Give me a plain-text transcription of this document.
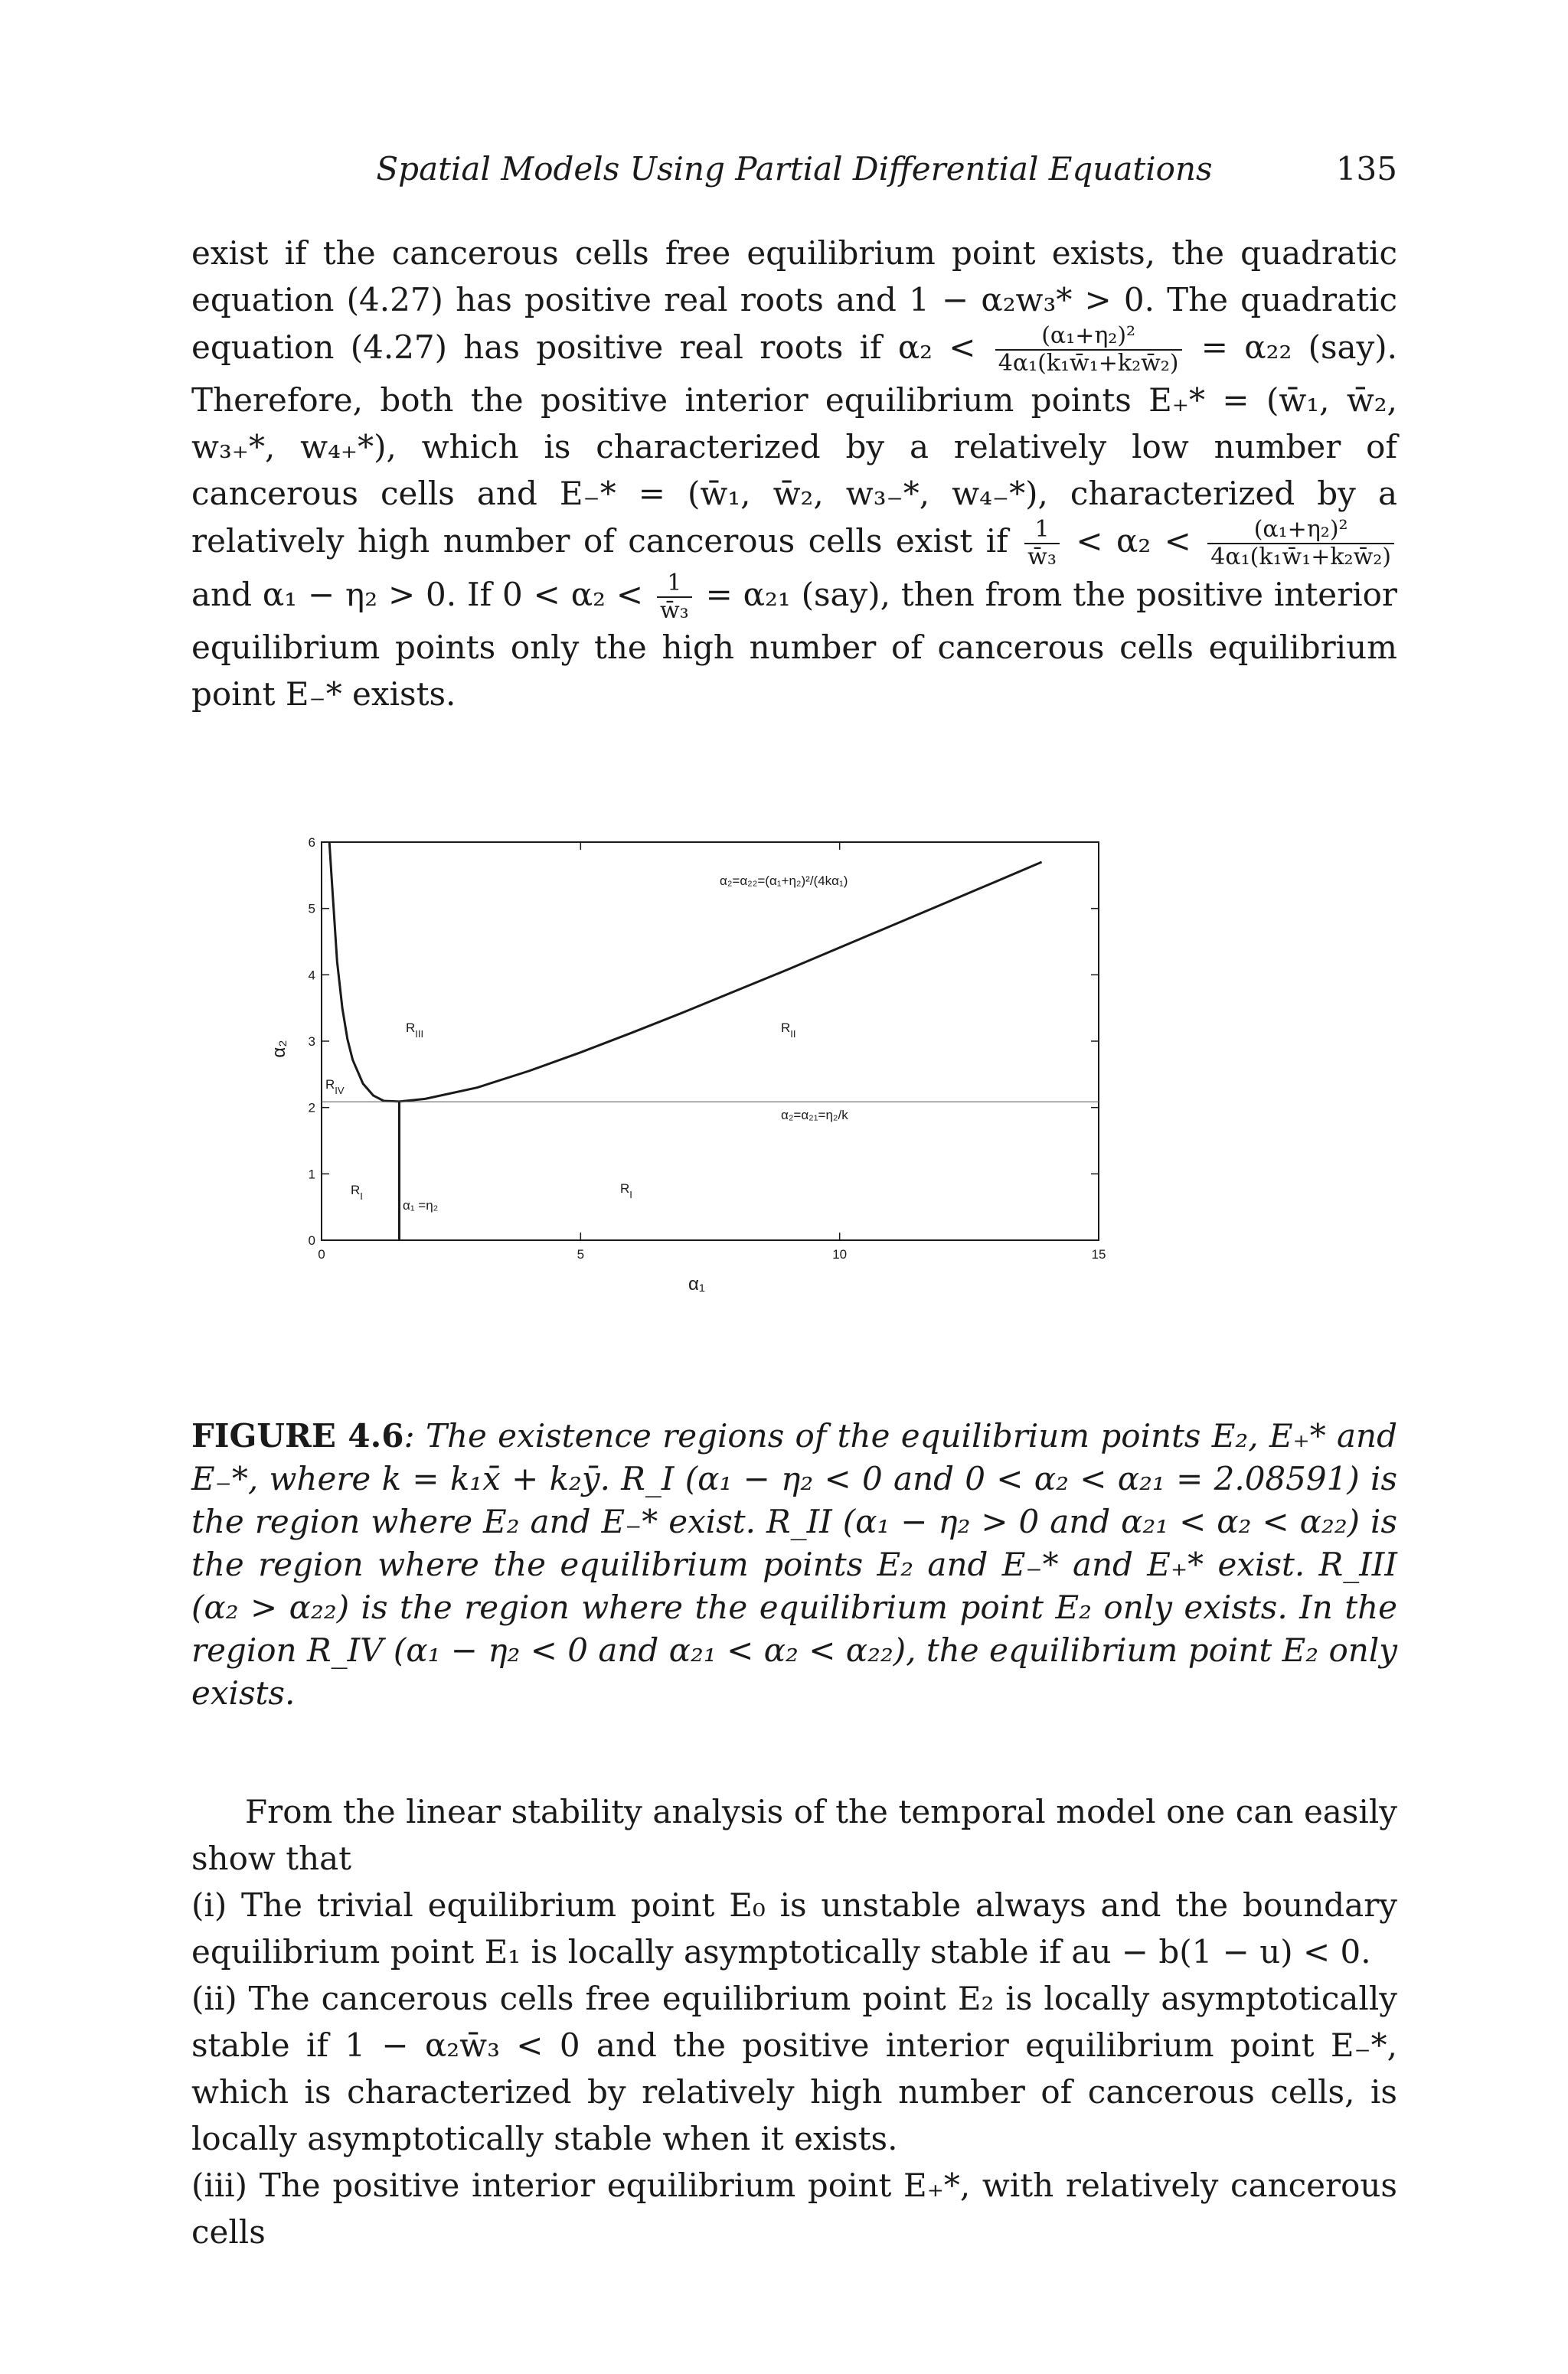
Spatial Models Using Partial Differential Equations	135

exist if the cancerous cells free equilibrium point exists, the quadratic equation (4.27) has positive real roots and 1 − α₂w₃* > 0. The quadratic equation (4.27) has positive real roots if $\alpha_2 < \frac{\text{(α₁+η₂)²}}{\text{4α₁(k₁w̄₁+k₂w̄₂)}} = \alpha_{22}$ (say). Therefore, both the positive interior equilibrium points E₊* = (w̄₁, w̄₂, w₃₊*, w₄₊*), which is characterized by a relatively low number of cancerous cells and E₋* = (w̄₁, w̄₂, w₃₋*, w₄₋*), characterized by a relatively high number of cancerous cells exist if $\frac{1}{\text{w̄₃}} < \alpha_2 < \frac{\text{(α₁+η₂)²}}{\text{4α₁(k₁w̄₁+k₂w̄₂)}}$
and α₁ − η₂ > 0. If $0 < \alpha_2 < \frac{1}{\text{w̄₃}} = \alpha_{21}$ (say), then from the positive interior equilibrium points only the high number of cancerous cells equilibrium point E₋* exists.

0	5	10	15
0
1
2
3
4
5
6
α₁
α₂
α₂=α₂₂=(α₁+η₂)²/(4kα₁)
α₂=α₂₁=η₂/k
α₁ =η₂
$R_{III}$	$R_{II}$
$R_{IV}$
$R_I$
$R_I$
FIGURE 4.6: The existence regions of the equilibrium points E₂, E₊* and E₋*, where k = k₁x̄ + k₂ȳ. R_I (α₁ − η₂ < 0 and 0 < α₂ < α₂₁ = 2.08591) is the region where E₂ and E₋* exist. R_II (α₁ − η₂ > 0 and α₂₁ < α₂ < α₂₂) is the region where the equilibrium points E₂ and E₋* and E₊* exist. R_III (α₂ > α₂₂) is the region where the equilibrium point E₂ only exists. In the region R_IV (α₁ − η₂ < 0 and α₂₁ < α₂ < α₂₂), the equilibrium point E₂ only exists.

From the linear stability analysis of the temporal model one can easily show that

(i) The trivial equilibrium point E₀ is unstable always and the boundary equilibrium point E₁ is locally asymptotically stable if au − b(1 − u) < 0.

(ii) The cancerous cells free equilibrium point E₂ is locally asymptotically stable if 1 − α₂w̄₃ < 0 and the positive interior equilibrium point E₋*, which is characterized by relatively high number of cancerous cells, is locally asymptotically stable when it exists.

(iii) The positive interior equilibrium point E₊*, with relatively cancerous cells
